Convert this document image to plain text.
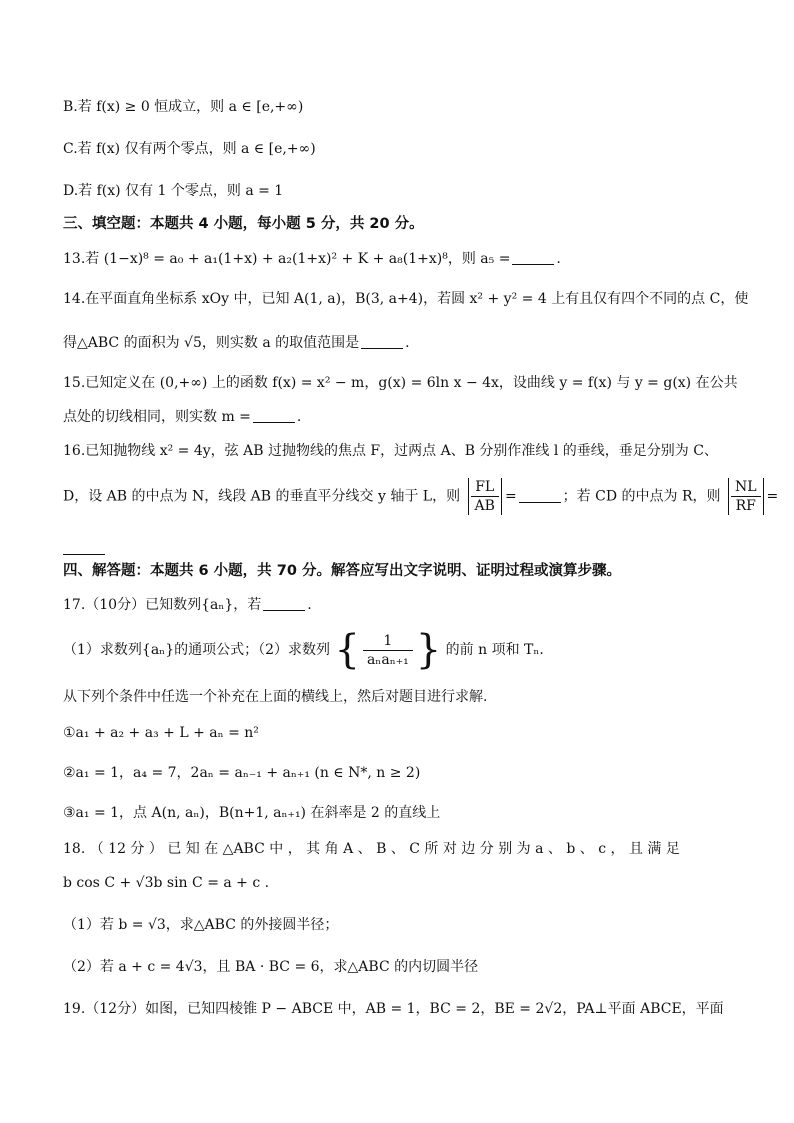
B.若 f(x) ≥ 0 恒成立，则 a ∈ [e,+∞)
C.若 f(x) 仅有两个零点，则 a ∈ [e,+∞)
D.若 f(x) 仅有 1 个零点，则 a = 1
三、填空题：本题共 4 小题，每小题 5 分，共 20 分。
13.若 (1−x)⁸ = a₀ + a₁(1+x) + a₂(1+x)² + K + a₈(1+x)⁸，则 a₅ =	.
14.在平面直角坐标系 xOy 中，已知 A(1, a)，B(3, a+4)，若圆 x² + y² = 4 上有且仅有四个不同的点 C，使
得△ABC 的面积为 √5，则实数 a 的取值范围是	.
15.已知定义在 (0,+∞) 上的函数 f(x) = x² − m，g(x) = 6ln x − 4x，设曲线 y = f(x) 与 y = g(x) 在公共
点处的切线相同，则实数 m =	.
16.已知抛物线 x² = 4y，弦 AB 过抛物线的焦点 F，过两点 A、B 分别作准线 l 的垂线，垂足分别为 C、
D，设 AB 的中点为 N，线段 AB 的垂直平分线交 y 轴于 L，则 $\frac{FL}{AB}$ =	；若 CD 的中点为 R，则 $\frac{NL}{RF}$ =
四、解答题：本题共 6 小题，共 70 分。解答应写出文字说明、证明过程或演算步骤。
17.（10分）已知数列{aₙ}，若	.
（1）求数列{aₙ}的通项公式；（2）求数列 { $\frac{1}{\text{aₙaₙ₊₁}}$ } 的前 n 项和 Tₙ.
从下列个条件中任选一个补充在上面的横线上，然后对题目进行求解.
①a₁ + a₂ + a₃ + L + aₙ = n²
②a₁ = 1，a₄ = 7，2aₙ = aₙ₋₁ + aₙ₊₁ (n ∈ N*, n ≥ 2)
③a₁ = 1，点 A(n, aₙ)，B(n+1, aₙ₊₁) 在斜率是 2 的直线上
18. （ 12 分 ） 已 知 在 △ABC 中 ， 其 角 A 、 B 、 C 所 对 边 分 别 为 a 、 b 、 c ， 且 满 足
b cos C + √3b sin C = a + c .
（1）若 b = √3，求△ABC 的外接圆半径；
（2）若 a + c = 4√3，且 BA · BC = 6，求△ABC 的内切圆半径
19.（12分）如图，已知四棱锥 P − ABCE 中，AB = 1，BC = 2，BE = 2√2，PA⊥平面 ABCE，平面
